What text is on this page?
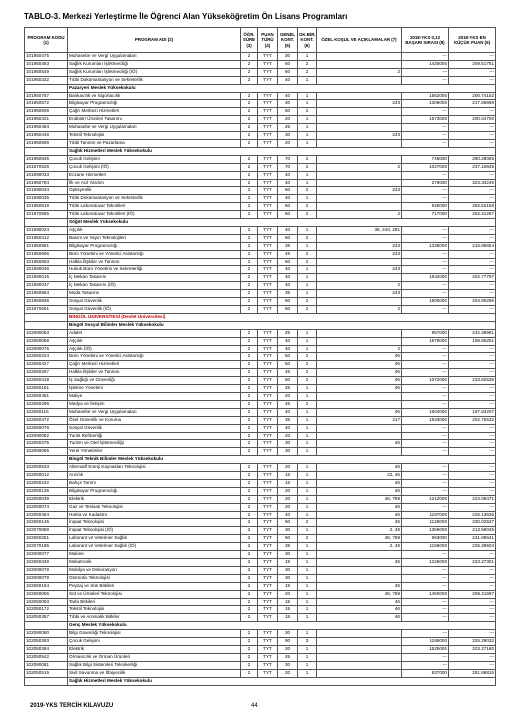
TABLO-3. Merkezi Yerleştirme İle Öğrenci Alan Yükseköğretim Ön Lisans Programları
PROGRAM KODU (1)	PROGRAM ADI (2)	ÖĞR. SÜRE (3)	PUAN TÜRÜ (4)	GENEL KONT. (5)	OK.BİR. KONT. (6)	ÖZEL KOŞUL VE AÇIKLAMALAR (7)	2018-YKS 0,12 BAŞARI SIRASI (8)	2018-YKS EN KÜÇÜK PUAN (9)
101950475	Muhasebe ve Vergi Uygulamaları	2	TYT	30	1		---	---
101950463	Sağlık Kurumları İşletmeciliği	2	TYT	60	2		1430000	209.51751
101950549	Sağlık Kurumları İşletmeciliği (İÖ)	2	TYT	60	2	2	---	---
101950332	Tıbbi Dokümantasyon ve Sekreterlik	2	TYT	40	1		---	---
	Pazaryeri Meslek Yüksekokulu							
101950757	Bankacılık ve Sigortacılık	2	TYT	40	1		1562000	200.74152
101950572	Bilgisayar Programcılığı	2	TYT	40	1	243	1308000	217.65699
101950609	Çağrı Merkezi Hizmetleri	2	TYT	50	2		---	---
101950421	Endüstri Ürünleri Tasarımı	2	TYT	20	1		1573000	200.04700
101950484	Muhasebe ve Vergi Uygulamaları	2	TYT	25	1		---	---
101950448	Tekstil Teknolojisi	2	TYT	30	1	243	---	---
101950599	Tıbbi Tanıtım ve Pazarlama	2	TYT	20	1		---	---
	Sağlık Hizmetleri Meslek Yüksekokulu							
101950845	Çocuk Gelişimi	2	TYT	70	2		745000	260.28065
101970628	Çocuk Gelişimi (İÖ)	2	TYT	70	2	2	1027000	237.10845
101990033	Eczane Hizmetleri	2	TYT	40	1		---	---
101950784	İlk ve Acil Yardım	2	TYT	40	1		279000	323.34246
101990034	Optisyenlik	2	TYT	50	2	243	---	---
101990035	Tıbbi Dokümantasyon ve Sekreterlik	2	TYT	40	1		---	---
101950818	Tıbbi Laboratuvar Teknikleri	2	TYT	60	2		526000	282.52158
101970585	Tıbbi Laboratuvar Teknikleri (İÖ)	2	TYT	60	2	2	717000	262.41267
	Söğüt Meslek Yüksekokulu							
101990024	Aşçılık	2	TYT	40	1	38, 243, 291	---	---
101950412	Basım ve Yayın Teknolojileri	2	TYT	50	2		---	---
101950581	Bilgisayar Programcılığı	2	TYT	35	1	243	1335000	215.86654
101950696	Büro Yönetimi ve Yönetici Asistanlığı	2	TYT	45	2	243	---	---
101950863	Halkla İlişkiler ve Tanıtım	2	TYT	50	2		---	---
101990036	Hukuk Büro Yönetimi ve Sekreterliği	2	TYT	40	1	243	---	---
101990015	İç Mekan Tasarımı	2	TYT	40	1		1532000	202.77797
101990037	İç Mekan Tasarımı (İÖ)	2	TYT	40	1	2	---	---
101950854	Moda Tasarımı	2	TYT	35	1	243	---	---
101950836	Sosyal Güvenlik	2	TYT	60	2		1500000	204.90296
101970601	Sosyal Güvenlik (İÖ)	2	TYT	50	2	2	---	---
	BİNGÖL ÜNİVERSİTESİ (Devlet Üniversitesi)							
	Bingöl Sosyal Bilimler Meslek Yüksekokulu							
102090083	Adalet	2	TYT	25	1		957000	242.36981
102050058	Aşçılık	2	TYT	40	1		1578000	199.65251
102090075	Aşçılık (İÖ)	2	TYT	40	1	2	---	---
102050224	Büro Yönetimi ve Yönetici Asistanlığı	2	TYT	50	2	46	---	---
102050427	Çağrı Merkezi Hizmetleri	2	TYT	50	2	46	---	---
102050287	Halkla İlişkiler ve Tanıtım	2	TYT	45	2	46	---	---
102050418	İş Sağlığı ve Güvenliği	2	TYT	60	2	46	1072000	233.82535
102050181	İşletme Yönetimi	2	TYT	25	1	46	---	---
102050481	Maliye	2	TYT	20	1		---	---
102050296	Medya ve İletişim	2	TYT	45	2		---	---
102050116	Muhasebe ve Vergi Uygulamaları	2	TYT	40	1	46	1604000	197.83207
102050472	Özel Güvenlik ve Koruma	2	TYT	35	1	217	1533000	202.76532
102050076	Sosyal Güvenlik	2	TYT	40	1		---	---
102090062	Turist Rehberliği	2	TYT	20	1		---	---
102050375	Turizm ve Otel İşletmeciliği	2	TYT	30	1	46	---	---
102090065	Yerel Yönetimler	2	TYT	30	1		---	---
	Bingöl Teknik Bilimler Meslek Yüksekokulu							
102050533	Alternatif Enerji Kaynakları Teknolojisi	2	TYT	20	1	46	---	---
102050012	Arıcılık	2	TYT	15	1	22, 46	---	---
102050242	Bahçe Tarımı	2	TYT	15	1	46	---	---
102050136	Bilgisayar Programcılığı	2	TYT	20	1	46	---	---
102050039	Elektrik	2	TYT	20	1	46, 789	1212000	224.09471
102050074	Gaz ve Tesisatı Teknolojisi	2	TYT	20	1	46	---	---
102050454	Harita ve Kadastro	2	TYT	40	1	46	1197000	225.13636
102050145	İnşaat Teknolojisi	2	TYT	60	2	46	1126000	230.02527
102070088	İnşaat Teknolojisi (İÖ)	2	TYT	30	1	2, 46	1369000	213.58045
102050251	Laborant ve Veteriner Sağlık	2	TYT	60	2	46, 789	963000	241.89641
102070185	Laborant ve Veteriner Sağlık (İÖ)	2	TYT	35	1	2, 46	1159000	225.39504
102090077	Makine	2	TYT	30	1		---	---
102050348	Mekatronik	2	TYT	15	1	46	1226000	223.27301
102090078	Mobilya ve Dekorasyon	2	TYT	30	1		---	---
102090079	Otomotiv Teknolojisi	2	TYT	30	1		---	---
102050154	Peyzaj ve Süs Bitkileri	2	TYT	15	1	46	---	---
102050066	Süt ve Ürünleri Teknolojisi	2	TYT	20	1	46, 789	1450000	208.21697
102050093	Tarla Bitkileri	2	TYT	15	1	46	---	---
102050172	Tekstil Teknolojisi	2	TYT	15	1	46	---	---
102050357	Tıbbi ve Aromatik Bitkiler	2	TYT	15	1	46	---	---
	Genç Meslek Yüksekokulu							
102090080	Bilgi Güvenliği Teknolojisi	2	TYT	30	1		---	---
102050393	Çocuk Gelişimi	2	TYT	90	3		1195000	225.29032
102050384	Elektrik	2	TYT	20	1		1525000	203.27180
102050542	Ormancılık ve Orman Ürünleri	2	TYT	25	1		---	---
102090081	Sağlık Bilgi Sistemleri Teknikerliği	2	TYT	30	1		---	---
102050515	Sivil Savunma ve İtfaiyecilik	2	TYT	20	1		837000	251.86816
	Sağlık Hizmetleri Meslek Yüksekokulu							
2019-YKS TERCİH KILAVUZU	44
